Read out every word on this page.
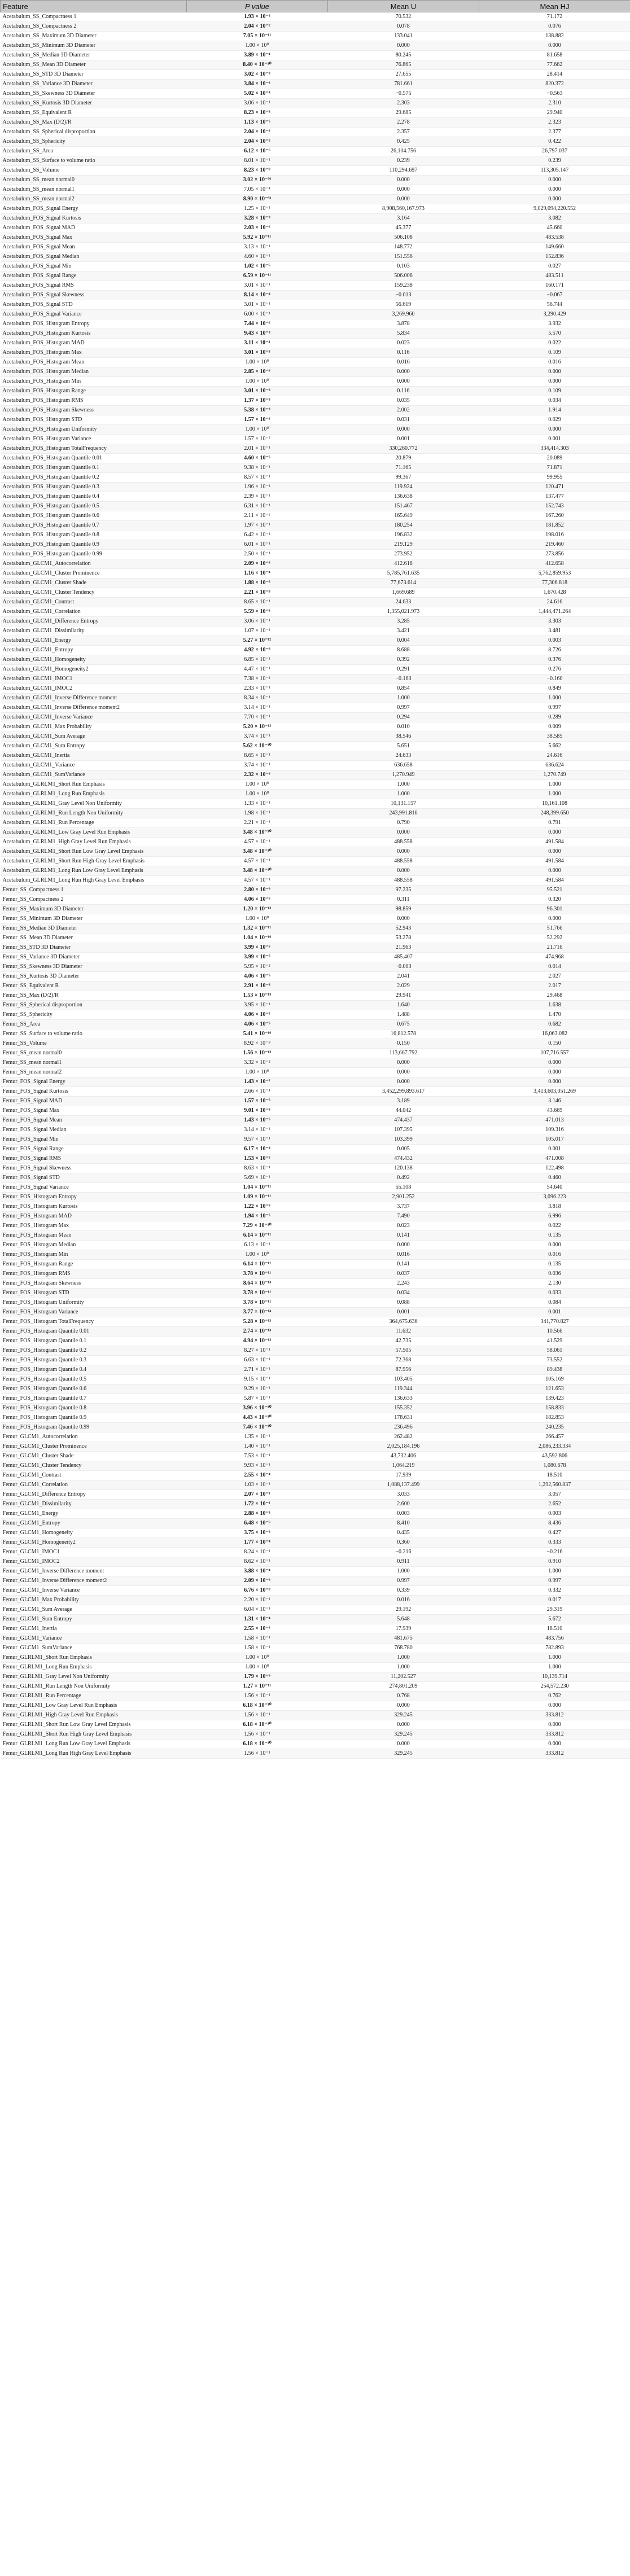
Feature	P value	Mean U	Mean HJ
Acetabulum_SS_Compactness 1	1.93 × 10⁻⁴	70.532	71.172
Acetabulum_SS_Compactness 2	2.04 × 10⁻²	0.078	0.076
Acetabulum_SS_Maximum 3D Diameter	7.05 × 10⁻¹¹	133.041	138.882
Acetabulum_SS_Minimum 3D Diameter	1.00 × 10⁰	0.000	0.000
Acetabulum_SS_Median 3D Diameter	3.89 × 10⁻⁴	80.245	81.658
Acetabulum_SS_Mean 3D Diameter	8.40 × 10⁻¹⁰	76.865	77.662
Acetabulum_SS_STD 3D Diameter	3.02 × 10⁻³	27.655	28.414
Acetabulum_SS_Variance 3D Diameter	3.84 × 10⁻³	781.661	820.372
Acetabulum_SS_Skewness 3D Diameter	5.02 × 10⁻⁴	−0.575	−0.563
Acetabulum_SS_Kurtosis 3D Diameter	3.06 × 10⁻¹	2.303	2.310
Acetabulum_SS_Equivalent R	8.23 × 10⁻⁸	29.685	29.940
Acetabulum_SS_Max (D/2)/R	1.13 × 10⁻⁵	2.278	2.323
Acetabulum_SS_Spherical disproportion	2.04 × 10⁻²	2.357	2.377
Acetabulum_SS_Sphericity	2.04 × 10⁻²	0.425	0.422
Acetabulum_SS_Area	6.12 × 10⁻⁶	26,104.756	26,797.037
Acetabulum_SS_Surface to volume ratio	8.01 × 10⁻¹	0.239	0.239
Acetabulum_SS_Volume	8.23 × 10⁻⁸	110,294.697	113,305.147
Acetabulum_SS_mean normal0	3.02 × 10⁻³⁶	0.000	0.000
Acetabulum_SS_mean normal1	7.05 × 10⁻⁴	0.000	0.000
Acetabulum_SS_mean normal2	8.90 × 10⁻⁹³	0.000	0.000
Acetabulum_FOS_Signal Energy	1.25 × 10⁻¹	8,908,560,167.973	9,029,094,220.552
Acetabulum_FOS_Signal Kurtosis	3.28 × 10⁻³	3.164	3.082
Acetabulum_FOS_Signal MAD	2.03 × 10⁻⁶	45.377	45.660
Acetabulum_FOS_Signal Max	5.92 × 10⁻¹¹	506.108	483.538
Acetabulum_FOS_Signal Mean	3.13 × 10⁻¹	148.772	149.660
Acetabulum_FOS_Signal Median	4.60 × 10⁻¹	151.556	152.836
Acetabulum_FOS_Signal Min	1.02 × 10⁻⁶	0.103	0.027
Acetabulum_FOS_Signal Range	6.59 × 10⁻¹¹	506.006	483.511
Acetabulum_FOS_Signal RMS	3.01 × 10⁻¹	159.238	160.171
Acetabulum_FOS_Signal Skewness	8.14 × 10⁻⁴	−0.013	−0.067
Acetabulum_FOS_Signal STD	3.01 × 10⁻¹	56.619	56.744
Acetabulum_FOS_Signal Variance	6.00 × 10⁻¹	3,269.960	3,290.429
Acetabulum_FOS_Histogram Entropy	7.44 × 10⁻⁶	3.878	3.932
Acetabulum_FOS_Histogram Kurtosis	9.43 × 10⁻³	5.834	5.570
Acetabulum_FOS_Histogram MAD	3.11 × 10⁻³	0.023	0.022
Acetabulum_FOS_Histogram Max	3.01 × 10⁻³	0.116	0.109
Acetabulum_FOS_Histogram Mean	1.00 × 10⁰	0.016	0.016
Acetabulum_FOS_Histogram Median	2.85 × 10⁻⁹	0.000	0.000
Acetabulum_FOS_Histogram Min	1.00 × 10⁰	0.000	0.000
Acetabulum_FOS_Histogram Range	3.01 × 10⁻³	0.116	0.109
Acetabulum_FOS_Histogram RMS	1.37 × 10⁻³	0.035	0.034
Acetabulum_FOS_Histogram Skewness	5.38 × 10⁻³	2.002	1.914
Acetabulum_FOS_Histogram STD	1.57 × 10⁻²	0.031	0.029
Acetabulum_FOS_Histogram Uniformity	1.00 × 10⁰	0.000	0.000
Acetabulum_FOS_Histogram Variance	1.57 × 10⁻²	0.001	0.001
Acetabulum_FOS_Histogram TotalFrequency	2.01 × 10⁻¹	330,260.772	334,414.303
Acetabulum_FOS_Histogram Quantile 0.01	4.60 × 10⁻⁵	20.879	20.089
Acetabulum_FOS_Histogram Quantile 0.1	9.38 × 10⁻¹	71.165	71.871
Acetabulum_FOS_Histogram Quantile 0.2	8.57 × 10⁻¹	99.367	99.955
Acetabulum_FOS_Histogram Quantile 0.3	1.96 × 10⁻¹	119.924	120.471
Acetabulum_FOS_Histogram Quantile 0.4	2.39 × 10⁻¹	136.638	137.477
Acetabulum_FOS_Histogram Quantile 0.5	6.31 × 10⁻¹	151.467	152.743
Acetabulum_FOS_Histogram Quantile 0.6	2.11 × 10⁻¹	165.649	167.260
Acetabulum_FOS_Histogram Quantile 0.7	1.97 × 10⁻¹	180.254	181.852
Acetabulum_FOS_Histogram Quantile 0.8	6.42 × 10⁻¹	196.832	198.016
Acetabulum_FOS_Histogram Quantile 0.9	6.01 × 10⁻¹	219.129	219.460
Acetabulum_FOS_Histogram Quantile 0.99	2.50 × 10⁻¹	273.952	273.856
Acetabulum_GLCM1_Autocorrelation	2.09 × 10⁻⁴	412.618	412.658
Acetabulum_GLCM1_Cluster Prominence	1.16 × 10⁻⁴	5,785,761.635	5,762,859.953
Acetabulum_GLCM1_Cluster Shade	1.88 × 10⁻⁵	77,673.614	77,306.818
Acetabulum_GLCM1_Cluster Tendency	2.21 × 10⁻⁸	1,669.689	1,670.428
Acetabulum_GLCM1_Contrast	8.65 × 10⁻¹	24.633	24.616
Acetabulum_GLCM1_Correlation	5.59 × 10⁻⁸	1,355,021.973	1,444,471.264
Acetabulum_GLCM1_Difference Entropy	3.06 × 10⁻¹	3.285	3.303
Acetabulum_GLCM1_Dissimilarity	1.07 × 10⁻¹	3.421	3.481
Acetabulum_GLCM1_Energy	5.27 × 10⁻¹²	0.004	0.003
Acetabulum_GLCM1_Entropy	4.92 × 10⁻⁸	8.688	8.726
Acetabulum_GLCM1_Homogeneity	6.85 × 10⁻¹	0.392	0.376
Acetabulum_GLCM1_Homogeneity2	4.47 × 10⁻¹	0.291	0.276
Acetabulum_GLCM1_IMOC1	7.38 × 10⁻¹	−0.163	−0.160
Acetabulum_GLCM1_IMOC2	2.33 × 10⁻¹	0.854	0.849
Acetabulum_GLCM1_Inverse Difference moment	8.34 × 10⁻¹	1.000	1.000
Acetabulum_GLCM1_Inverse Difference moment2	3.14 × 10⁻¹	0.997	0.997
Acetabulum_GLCM1_Inverse Variance	7.70 × 10⁻¹	0.294	0.289
Acetabulum_GLCM1_Max Probability	5.20 × 10⁻¹²	0.010	0.009
Acetabulum_GLCM1_Sum Average	3.74 × 10⁻¹	38.546	38.585
Acetabulum_GLCM1_Sum Entropy	5.62 × 10⁻¹⁰	5.651	5.662
Acetabulum_GLCM1_Inertia	8.65 × 10⁻¹	24.633	24.616
Acetabulum_GLCM1_Variance	3.74 × 10⁻¹	636.658	636.624
Acetabulum_GLCM1_SumVariance	2.32 × 10⁻⁴	1,270.949	1,270.749
Acetabulum_GLRLM1_Short Run Emphasis	1.00 × 10⁰	1.000	1.000
Acetabulum_GLRLM1_Long Run Emphasis	1.00 × 10⁰	1.000	1.000
Acetabulum_GLRLM1_Gray Level Non Uniformity	1.33 × 10⁻¹	10,131.157	10,161.108
Acetabulum_GLRLM1_Run Length Non Uniformity	1.98 × 10⁻¹	243,991.816	248,399.650
Acetabulum_GLRLM1_Run Percentage	2.21 × 10⁻¹	0.790	0.791
Acetabulum_GLRLM1_Low Gray Level Run Emphasis	3.48 × 10⁻¹⁰	0.000	0.000
Acetabulum_GLRLM1_High Gray Level Run Emphasis	4.57 × 10⁻¹	488.558	491.584
Acetabulum_GLRLM1_Short Run Low Gray Level Emphasis	3.48 × 10⁻¹⁰	0.000	0.000
Acetabulum_GLRLM1_Short Run High Gray Level Emphasis	4.57 × 10⁻¹	488.558	491.584
Acetabulum_GLRLM1_Long Run Low Gray Level Emphasis	3.48 × 10⁻¹⁰	0.000	0.000
Acetabulum_GLRLM1_Long Run High Gray Level Emphasis	4.57 × 10⁻¹	488.558	491.584
Femur_SS_Compactness 1	2.80 × 10⁻⁹	97.235	95.521
Femur_SS_Compactness 2	4.06 × 10⁻⁵	0.311	0.320
Femur_SS_Maximum 3D Diameter	1.20 × 10⁻¹³	98.859	96.301
Femur_SS_Minimum 3D Diameter	1.00 × 10⁰	0.000	0.000
Femur_SS_Median 3D Diameter	1.32 × 10⁻¹¹	52.943	51.766
Femur_SS_Mean 3D Diameter	1.04 × 10⁻¹⁶	53.278	52.292
Femur_SS_STD 3D Diameter	3.99 × 10⁻⁵	21.963	21.716
Femur_SS_Variance 3D Diameter	3.99 × 10⁻⁵	485.407	474.968
Femur_SS_Skewness 3D Diameter	5.95 × 10⁻²	−0.003	0.014
Femur_SS_Kurtosis 3D Diameter	4.06 × 10⁻⁵	2.041	2.027
Femur_SS_Equivalent R	2.91 × 10⁻⁸	2.029	2.017
Femur_SS_Max (D/2)/R	1.53 × 10⁻¹³	29.941	29.468
Femur_SS_Spherical disproportion	3.95 × 10⁻¹	1.640	1.638
Femur_SS_Sphericity	4.06 × 10⁻⁵	1.488	1.470
Femur_SS_Area	4.06 × 10⁻⁵	0.675	0.682
Femur_SS_Surface to volume ratio	5.41 × 10⁻¹⁶	16,812.578	16,063.082
Femur_SS_Volume	8.92 × 10⁻⁸	0.150	0.150
Femur_SS_mean normal0	1.56 × 10⁻¹³	113,667.792	107,716.557
Femur_SS_mean normal1	3.32 × 10⁻²	0.000	0.000
Femur_SS_mean normal2	1.00 × 10⁰	0.000	0.000
Femur_FOS_Signal Energy	1.43 × 10⁻⁷	0.000	0.000
Femur_FOS_Signal Kurtosis	2.66 × 10⁻¹	3,452,299,893.617	3,413,603,051.269
Femur_FOS_Signal MAD	1.57 × 10⁻⁵	3.189	3.146
Femur_FOS_Signal Max	9.01 × 10⁻⁸	44.042	43.669
Femur_FOS_Signal Mean	1.43 × 10⁻⁵	474.437	471.013
Femur_FOS_Signal Median	3.14 × 10⁻¹	107.395	109.316
Femur_FOS_Signal Min	9.57 × 10⁻¹	103.399	105.017
Femur_FOS_Signal Range	6.17 × 10⁻⁴	0.005	0.001
Femur_FOS_Signal RMS	1.53 × 10⁻⁵	474.432	471.008
Femur_FOS_Signal Skewness	8.63 × 10⁻¹	120.138	122.498
Femur_FOS_Signal STD	5.69 × 10⁻¹	0.492	0.460
Femur_FOS_Signal Variance	1.04 × 10⁻¹¹	55.108	54.640
Femur_FOS_Histogram Entropy	1.09 × 10⁻¹¹	2,901.252	3,096.223
Femur_FOS_Histogram Kurtosis	1.22 × 10⁻⁹	3.737	3.818
Femur_FOS_Histogram MAD	1.94 × 10⁻⁵	7.490	6.996
Femur_FOS_Histogram Max	7.29 × 10⁻¹⁰	0.023	0.022
Femur_FOS_Histogram Mean	6.14 × 10⁻¹¹	0.141	0.135
Femur_FOS_Histogram Median	6.13 × 10⁻¹	0.000	0.000
Femur_FOS_Histogram Min	1.00 × 10⁰	0.016	0.016
Femur_FOS_Histogram Range	6.14 × 10⁻¹¹	0.141	0.135
Femur_FOS_Histogram RMS	3.78 × 10⁻¹¹	0.037	0.036
Femur_FOS_Histogram Skewness	8.64 × 10⁻¹³	2.243	2.130
Femur_FOS_Histogram STD	3.78 × 10⁻¹¹	0.034	0.033
Femur_FOS_Histogram Uniformity	3.78 × 10⁻¹¹	0.088	0.084
Femur_FOS_Histogram Variance	3.77 × 10⁻¹⁴	0.001	0.001
Femur_FOS_Histogram TotalFrequency	5.28 × 10⁻¹³	364,675.636	341,770.827
Femur_FOS_Histogram Quantile 0.01	2.74 × 10⁻¹³	11.632	10.566
Femur_FOS_Histogram Quantile 0.1	4.94 × 10⁻¹³	42.735	41.529
Femur_FOS_Histogram Quantile 0.2	8.27 × 10⁻¹	57.505	58.061
Femur_FOS_Histogram Quantile 0.3	6.63 × 10⁻¹	72.368	73.552
Femur_FOS_Histogram Quantile 0.4	2.71 × 10⁻¹	87.956	89.438
Femur_FOS_Histogram Quantile 0.5	9.15 × 10⁻¹	103.405	105.169
Femur_FOS_Histogram Quantile 0.6	9.29 × 10⁻¹	119.344	121.653
Femur_FOS_Histogram Quantile 0.7	5.87 × 10⁻¹	136.633	139.423
Femur_FOS_Histogram Quantile 0.8	3.96 × 10⁻¹⁰	155.352	158.833
Femur_FOS_Histogram Quantile 0.9	4.43 × 10⁻¹⁰	178.631	182.853
Femur_FOS_Histogram Quantile 0.99	7.46 × 10⁻¹⁰	236.496	240.235
Femur_GLCM1_Autocorrelation	1.35 × 10⁻¹	262.482	266.457
Femur_GLCM1_Cluster Prominence	1.40 × 10⁻¹	2,025,184.196	2,086,233.334
Femur_GLCM1_Cluster Shade	7.53 × 10⁻¹	43,732.406	43,592.806
Femur_GLCM1_Cluster Tendency	9.93 × 10⁻¹	1,064.219	1,080.678
Femur_GLCM1_Contrast	2.55 × 10⁻⁴	17.939	18.510
Femur_GLCM1_Correlation	1.03 × 10⁻¹	1,088,137.499	1,292,560.837
Femur_GLCM1_Difference Entropy	2.07 × 10⁻¹	3.033	3.057
Femur_GLCM1_Dissimilarity	1.72 × 10⁻¹	2.600	2.652
Femur_GLCM1_Energy	2.88 × 10⁻³	0.003	0.003
Femur_GLCM1_Entropy	6.48 × 10⁻⁶	8.410	8.436
Femur_GLCM1_Homogeneity	3.75 × 10⁻⁴	0.435	0.427
Femur_GLCM1_Homogeneity2	1.77 × 10⁻⁴	0.360	0.333
Femur_GLCM1_IMOC1	8.24 × 10⁻¹	−0.216	−0.216
Femur_GLCM1_IMOC2	8.62 × 10⁻¹	0.911	0.910
Femur_GLCM1_Inverse Difference moment	3.88 × 10⁻⁴	1.000	1.000
Femur_GLCM1_Inverse Difference moment2	2.09 × 10⁻⁴	0.997	0.997
Femur_GLCM1_Inverse Variance	6.76 × 10⁻⁸	0.339	0.332
Femur_GLCM1_Max Probability	2.20 × 10⁻¹	0.016	0.017
Femur_GLCM1_Sum Average	6.04 × 10⁻¹	29.192	29.319
Femur_GLCM1_Sum Entropy	1.31 × 10⁻⁴	5.648	5.672
Femur_GLCM1_Inertia	2.55 × 10⁻⁴	17.939	18.510
Femur_GLCM1_Variance	1.58 × 10⁻¹	481.675	483.756
Femur_GLCM1_SumVariance	1.58 × 10⁻¹	768.780	782.893
Femur_GLRLM1_Short Run Emphasis	1.00 × 10⁰	1.000	1.000
Femur_GLRLM1_Long Run Emphasis	1.00 × 10⁰	1.000	1.000
Femur_GLRLM1_Gray Level Non Uniformity	1.79 × 10⁻⁹	11,202.527	10,139.714
Femur_GLRLM1_Run Length Non Uniformity	1.27 × 10⁻¹¹	274,801.209	254,572.230
Femur_GLRLM1_Run Percentage	1.56 × 10⁻¹	0.768	0.762
Femur_GLRLM1_Low Gray Level Run Emphasis	6.18 × 10⁻¹⁰	0.000	0.000
Femur_GLRLM1_High Gray Level Run Emphasis	1.56 × 10⁻¹	329.245	333.812
Femur_GLRLM1_Short Run Low Gray Level Emphasis	6.18 × 10⁻¹⁰	0.000	0.000
Femur_GLRLM1_Short Run High Gray Level Emphasis	1.56 × 10⁻¹	329.245	333.812
Femur_GLRLM1_Long Run Low Gray Level Emphasis	6.18 × 10⁻¹⁰	0.000	0.000
Femur_GLRLM1_Long Run High Gray Level Emphasis	1.56 × 10⁻¹	329.245	333.812
